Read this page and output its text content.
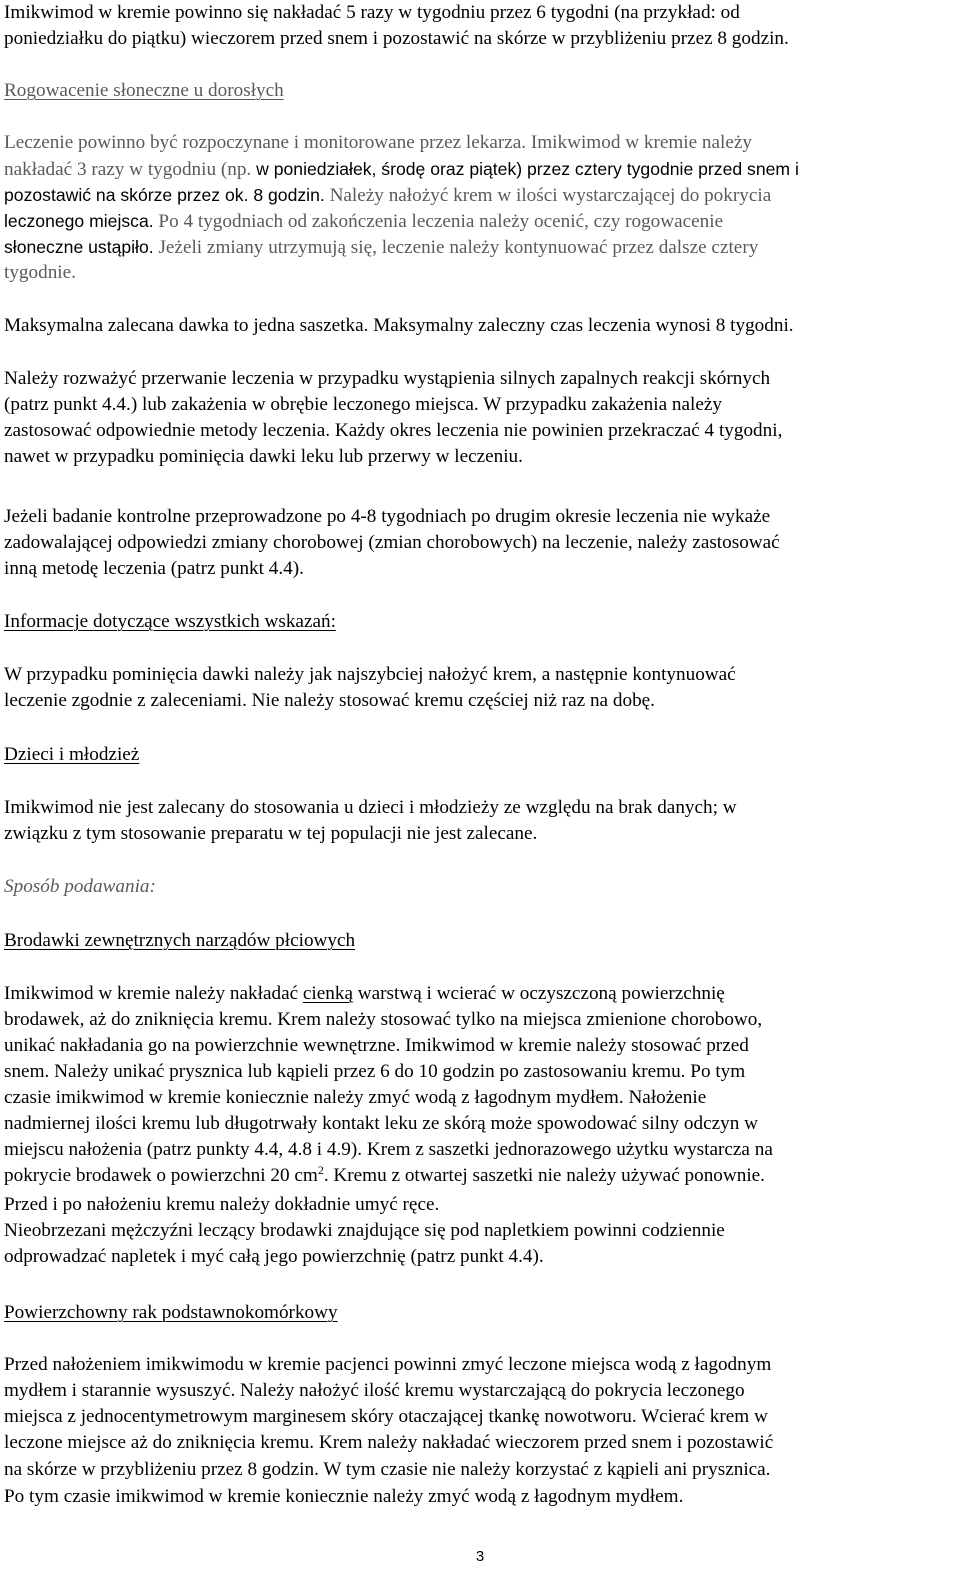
Imikwimod w kremie powinno się nakładać 5 razy w tygodniu przez 6 tygodni (na przykład: od
poniedziałku do piątku) wieczorem przed snem i pozostawić na skórze w przybliżeniu przez 8 godzin.
Rogowacenie słoneczne u dorosłych
Leczenie powinno być rozpoczynane i monitorowane przez lekarza. Imikwimod w kremie należy
nakładać 3 razy w tygodniu (np. w poniedziałek, środę oraz piątek) przez cztery tygodnie przed snem i
pozostawić na skórze przez ok. 8 godzin. Należy nałożyć krem w ilości wystarczającej do pokrycia
leczonego miejsca. Po 4 tygodniach od zakończenia leczenia należy ocenić, czy rogowacenie
słoneczne ustąpiło. Jeżeli zmiany utrzymują się, leczenie należy kontynuować przez dalsze cztery
tygodnie.
Maksymalna zalecana dawka to jedna saszetka. Maksymalny zaleczny czas leczenia wynosi 8 tygodni.
Należy rozważyć przerwanie leczenia w przypadku wystąpienia silnych zapalnych reakcji skórnych
(patrz punkt 4.4.) lub zakażenia w obrębie leczonego miejsca. W przypadku zakażenia należy
zastosować odpowiednie metody leczenia. Każdy okres leczenia nie powinien przekraczać 4 tygodni,
nawet w przypadku pominięcia dawki leku lub przerwy w leczeniu.
Jeżeli badanie kontrolne przeprowadzone po 4-8 tygodniach po drugim okresie leczenia nie wykaże
zadowalającej odpowiedzi zmiany chorobowej (zmian chorobowych) na leczenie, należy zastosować
inną metodę leczenia (patrz punkt 4.4).
Informacje dotyczące wszystkich wskazań:
W przypadku pominięcia dawki należy jak najszybciej nałożyć krem, a następnie kontynuować
leczenie zgodnie z zaleceniami. Nie należy stosować kremu częściej niż raz na dobę.
Dzieci i młodzież
Imikwimod nie jest zalecany do stosowania u dzieci i młodzieży ze względu na brak danych; w
związku z tym stosowanie preparatu w tej populacji nie jest zalecane.
Sposób podawania:
Brodawki zewnętrznych narządów płciowych
Imikwimod w kremie należy nakładać cienką warstwą i wcierać w oczyszczoną powierzchnię
brodawek, aż do zniknięcia kremu. Krem należy stosować tylko na miejsca zmienione chorobowo,
unikać nakładania go na powierzchnie wewnętrzne. Imikwimod w kremie należy stosować przed
snem. Należy unikać prysznica lub kąpieli przez 6 do 10 godzin po zastosowaniu kremu. Po tym
czasie imikwimod w kremie koniecznie należy zmyć wodą z łagodnym mydłem. Nałożenie
nadmiernej ilości kremu lub długotrwały kontakt leku ze skórą może spowodować silny odczyn w
miejscu nałożenia (patrz punkty 4.4, 4.8 i 4.9). Krem z saszetki jednorazowego użytku wystarcza na
pokrycie brodawek o powierzchni 20 $cm^2$. Kremu z otwartej saszetki nie należy używać ponownie.
Przed i po nałożeniu kremu należy dokładnie umyć ręce.
Nieobrzezani mężczyźni leczący brodawki znajdujące się pod napletkiem powinni codziennie
odprowadzać napletek i myć całą jego powierzchnię (patrz punkt 4.4).
Powierzchowny rak podstawnokomórkowy
Przed nałożeniem imikwimodu w kremie pacjenci powinni zmyć leczone miejsca wodą z łagodnym
mydłem i starannie wysuszyć. Należy nałożyć ilość kremu wystarczającą do pokrycia leczonego
miejsca z jednocentymetrowym marginesem skóry otaczającej tkankę nowotworu. Wcierać krem w
leczone miejsce aż do zniknięcia kremu. Krem należy nakładać wieczorem przed snem i pozostawić
na skórze w przybliżeniu przez 8 godzin. W tym czasie nie należy korzystać z kąpieli ani prysznica.
Po tym czasie imikwimod w kremie koniecznie należy zmyć wodą z łagodnym mydłem.
3
